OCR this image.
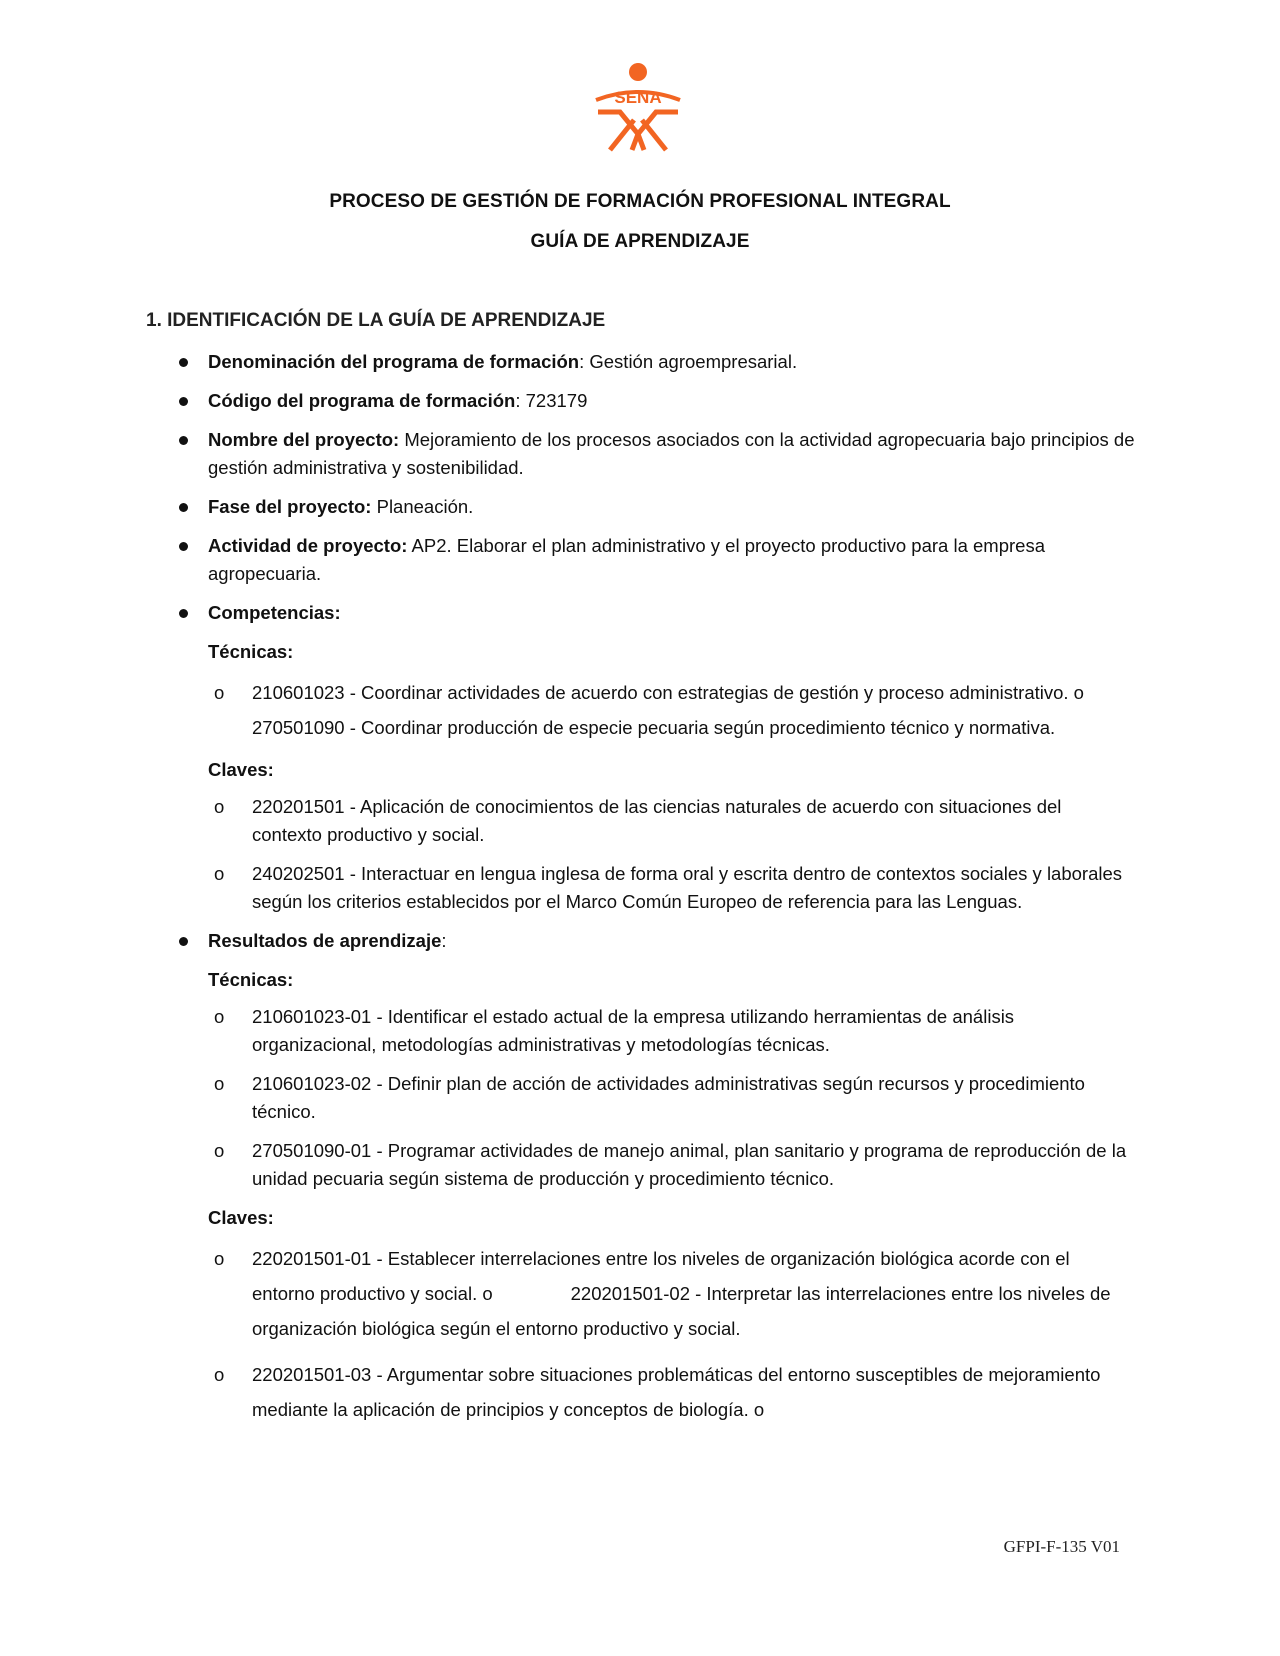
SENA
PROCESO DE GESTIÓN DE FORMACIÓN PROFESIONAL INTEGRAL
GUÍA DE APRENDIZAJE
1. IDENTIFICACIÓN DE LA GUÍA DE APRENDIZAJE
Denominación del programa de formación: Gestión agroempresarial.
Código del programa de formación: 723179
Nombre del proyecto: Mejoramiento de los procesos asociados con la actividad agropecuaria bajo principios de gestión administrativa y sostenibilidad.
Fase del proyecto: Planeación.
Actividad de proyecto: AP2. Elaborar el plan administrativo y el proyecto productivo para la empresa agropecuaria.
Competencias:
Técnicas:
o 210601023 - Coordinar actividades de acuerdo con estrategias de gestión y proceso administrativo. o270501090 - Coordinar producción de especie pecuaria según procedimiento técnico y normativa.
Claves:
o 220201501 - Aplicación de conocimientos de las ciencias naturales de acuerdo con situaciones del contexto productivo y social.
o 240202501 - Interactuar en lengua inglesa de forma oral y escrita dentro de contextos sociales y laborales según los criterios establecidos por el Marco Común Europeo de referencia para las Lenguas.
Resultados de aprendizaje:
Técnicas:
o 210601023-01 - Identificar el estado actual de la empresa utilizando herramientas de análisis organizacional, metodologías administrativas y metodologías técnicas.
o 210601023-02 - Definir plan de acción de actividades administrativas según recursos y procedimiento técnico.
o 270501090-01 - Programar actividades de manejo animal, plan sanitario y programa de reproducción de la unidad pecuaria según sistema de producción y procedimiento técnico.
Claves:
o 220201501-01 - Establecer interrelaciones entre los niveles de organización biológica acorde con el entorno productivo y social. o	220201501-02 - Interpretar las interrelaciones entre los niveles de organización biológica según el entorno productivo y social.
o 220201501-03 - Argumentar sobre situaciones problemáticas del entorno susceptibles de mejoramiento mediante la aplicación de principios y conceptos de biología. o
GFPI-F-135 V01
